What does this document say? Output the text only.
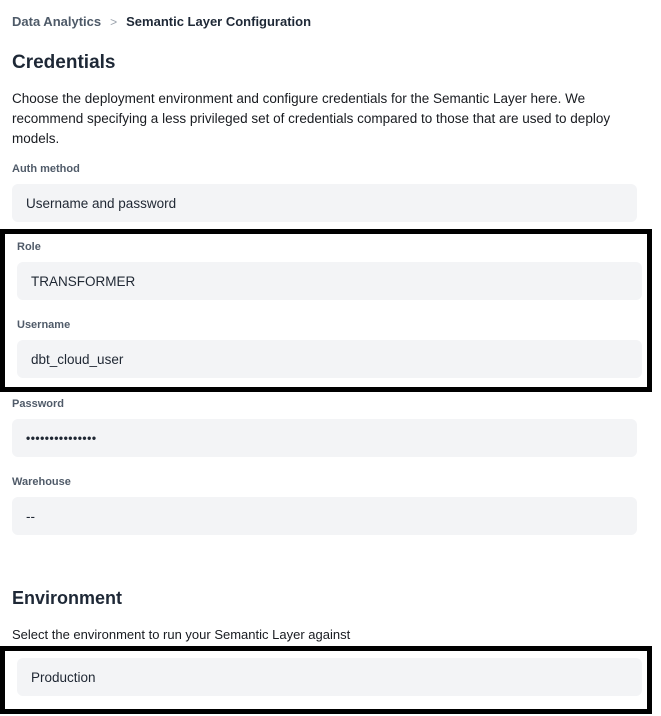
Data Analytics > Semantic Layer Configuration
Credentials
Choose the deployment environment and configure credentials for the Semantic Layer here. We recommend specifying a less privileged set of credentials compared to those that are used to deploy models.
Auth method
Username and password
Role
TRANSFORMER
Username
dbt_cloud_user
Password
•••••••••••••••
Warehouse
--
Environment
Select the environment to run your Semantic Layer against
Production
